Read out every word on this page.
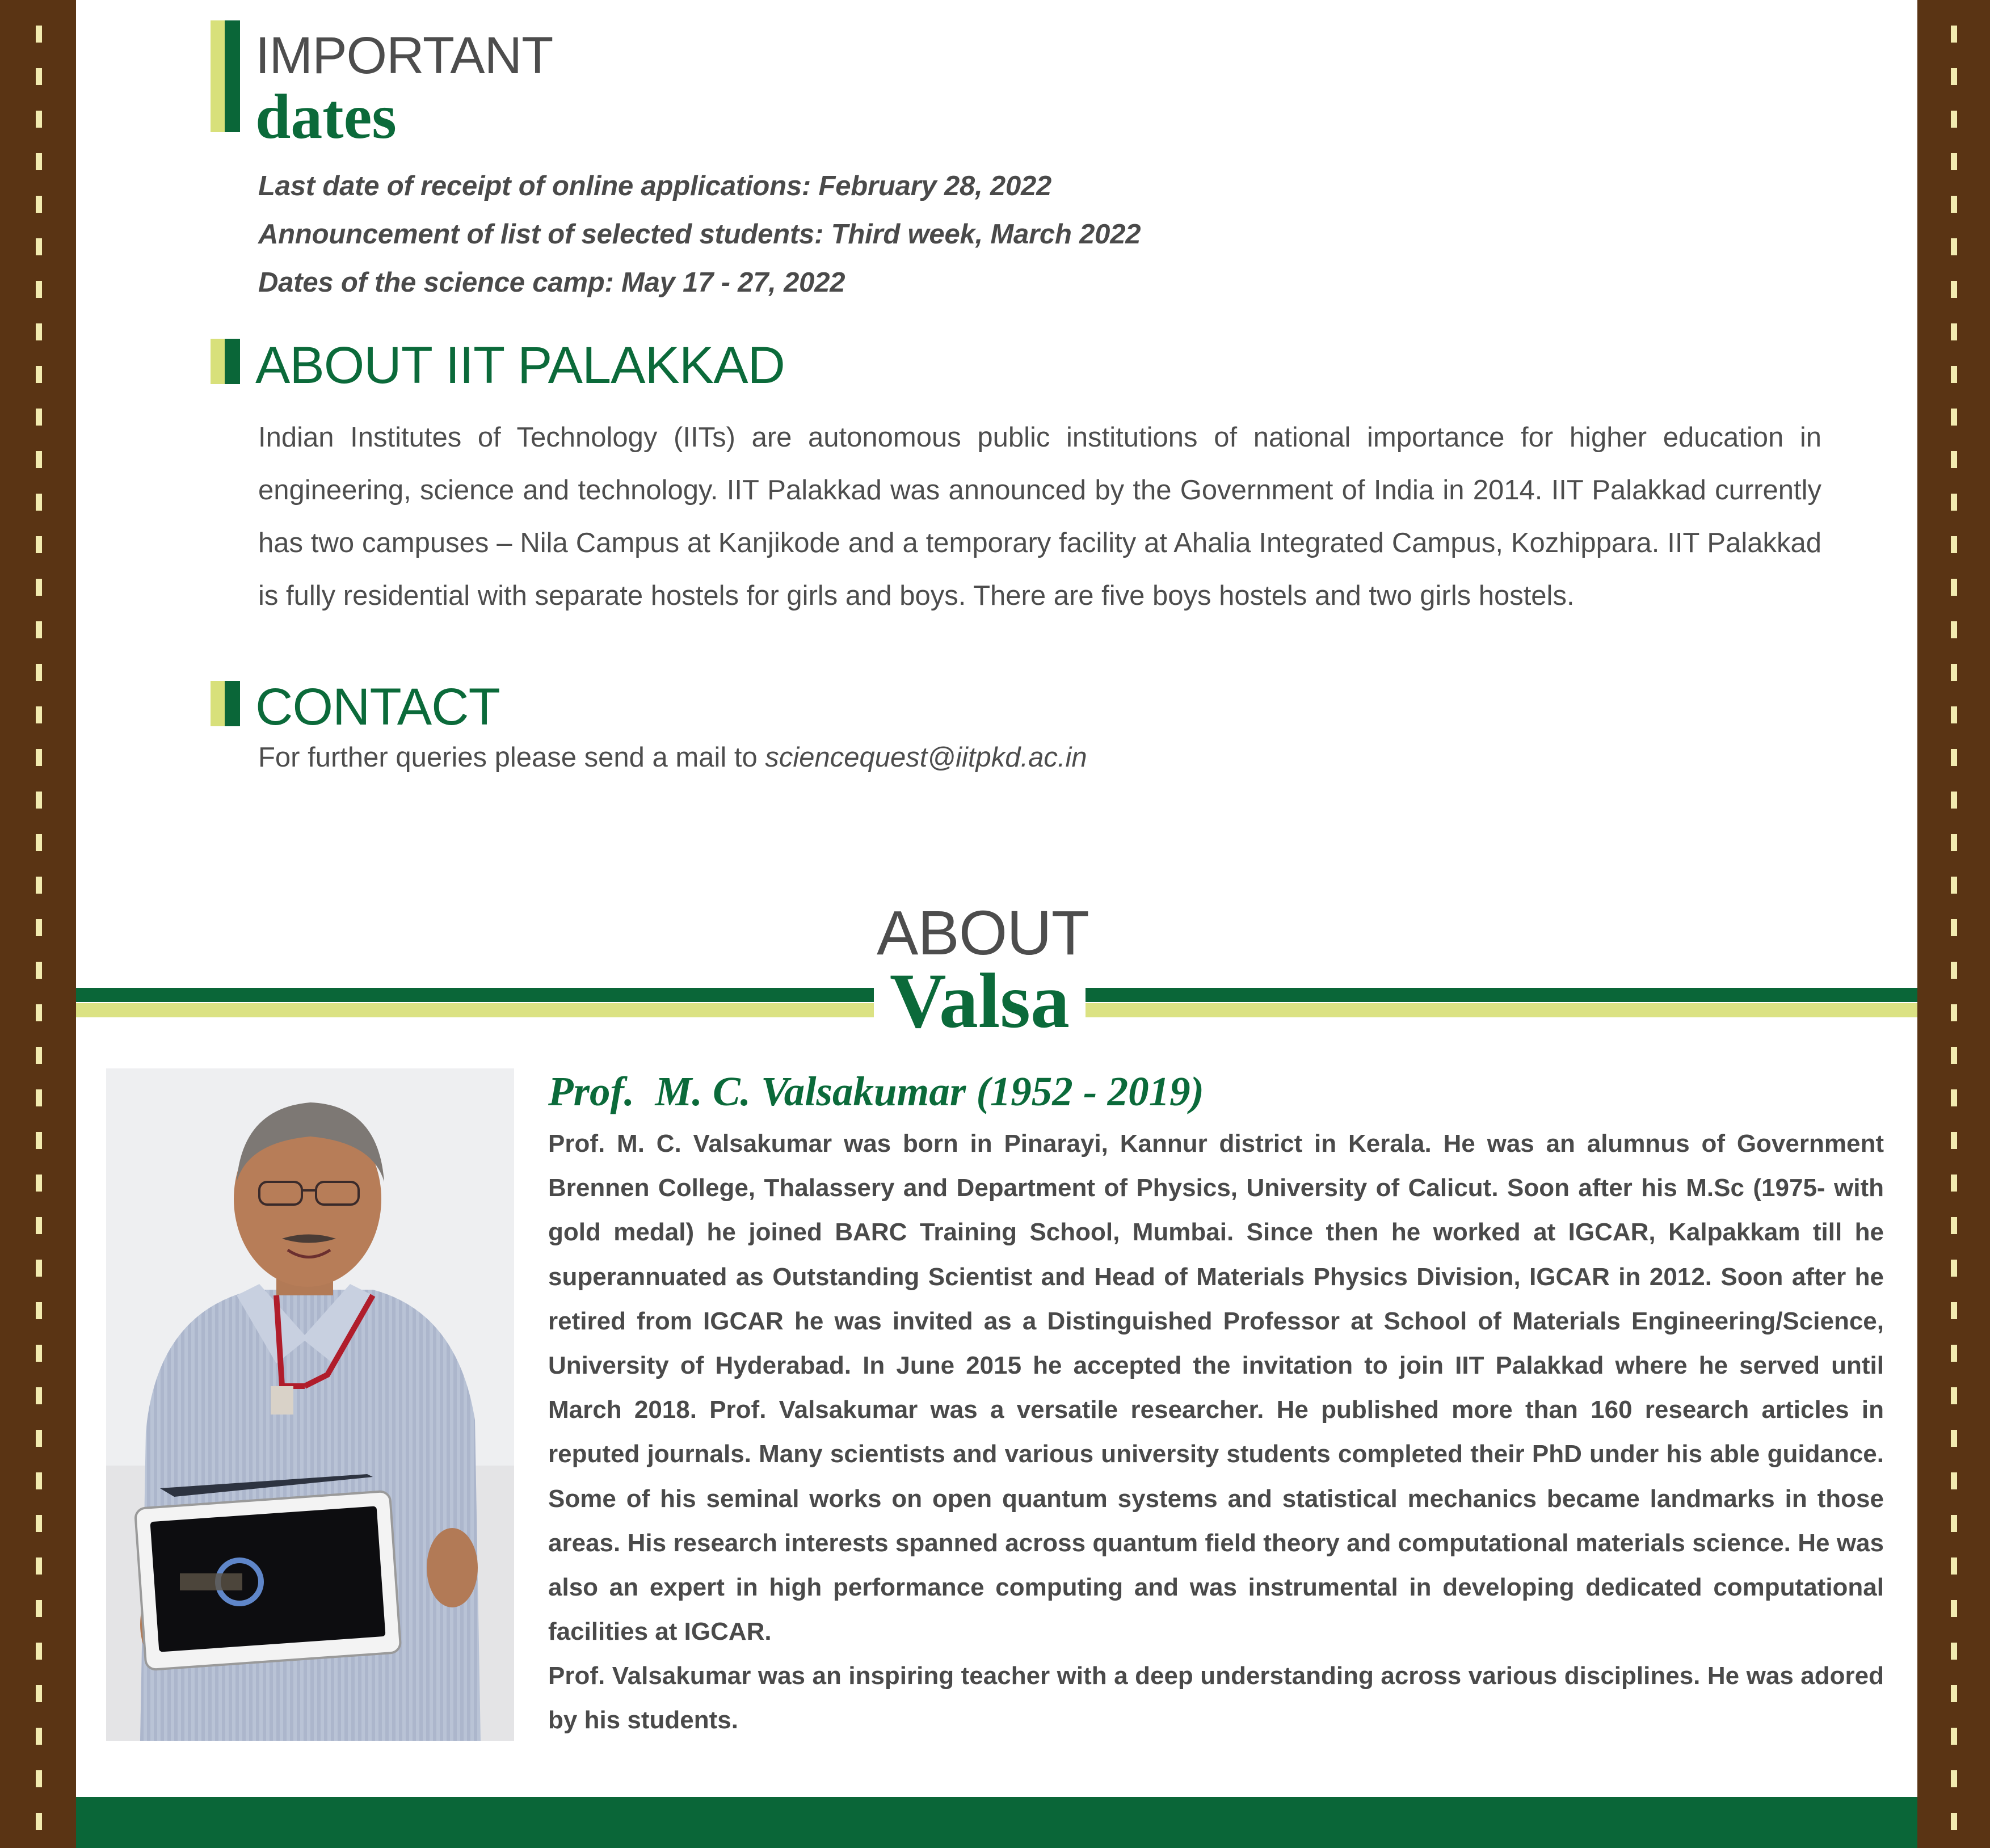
IMPORTANT
dates
Last date of receipt of online applications: February 28, 2022
Announcement of list of selected students: Third week, March 2022
Dates of the science camp: May 17 - 27, 2022
ABOUT IIT PALAKKAD
Indian Institutes of Technology (IITs) are autonomous public institutions of national importance for higher education in engineering, science and technology. IIT Palakkad was announced by the Government of India in 2014. IIT Palakkad currently has two campuses – Nila Campus at Kanjikode and a temporary facility at Ahalia Integrated Campus, Kozhippara. IIT Palakkad is fully residential with separate hostels for girls and boys. There are five boys hostels and two girls hostels.
CONTACT
For further queries please send a mail to sciencequest@iitpkd.ac.in
ABOUT
Valsa
Prof.  M. C. Valsakumar (1952 - 2019)
Prof. M. C. Valsakumar was born in Pinarayi, Kannur district in Kerala. He was an alumnus of Government Brennen College, Thalassery and Department of Physics, University of Calicut. Soon after his M.Sc (1975- with gold medal) he joined BARC Training School, Mumbai. Since then he worked at IGCAR, Kalpakkam till he superannuated as Outstanding Scientist and Head of Materials Physics Division, IGCAR in 2012. Soon after he retired from IGCAR he was invited as a Distinguished Professor at School of Materials Engineering/Science, University of Hyderabad. In June 2015 he accepted the invitation to join IIT Palakkad where he served until March 2018. Prof. Valsakumar was a versatile researcher. He published more than 160 research articles in reputed journals. Many scientists and various university students completed their PhD under his able guidance. Some of his seminal works on open quantum systems and statistical mechanics became landmarks in those areas. His research interests spanned across quantum field theory and computational materials science. He was also an expert in high performance computing and was instrumental in developing dedicated computational facilities at IGCAR.
Prof. Valsakumar was an inspiring teacher with a deep understanding across various disciplines. He was adored by his students.
